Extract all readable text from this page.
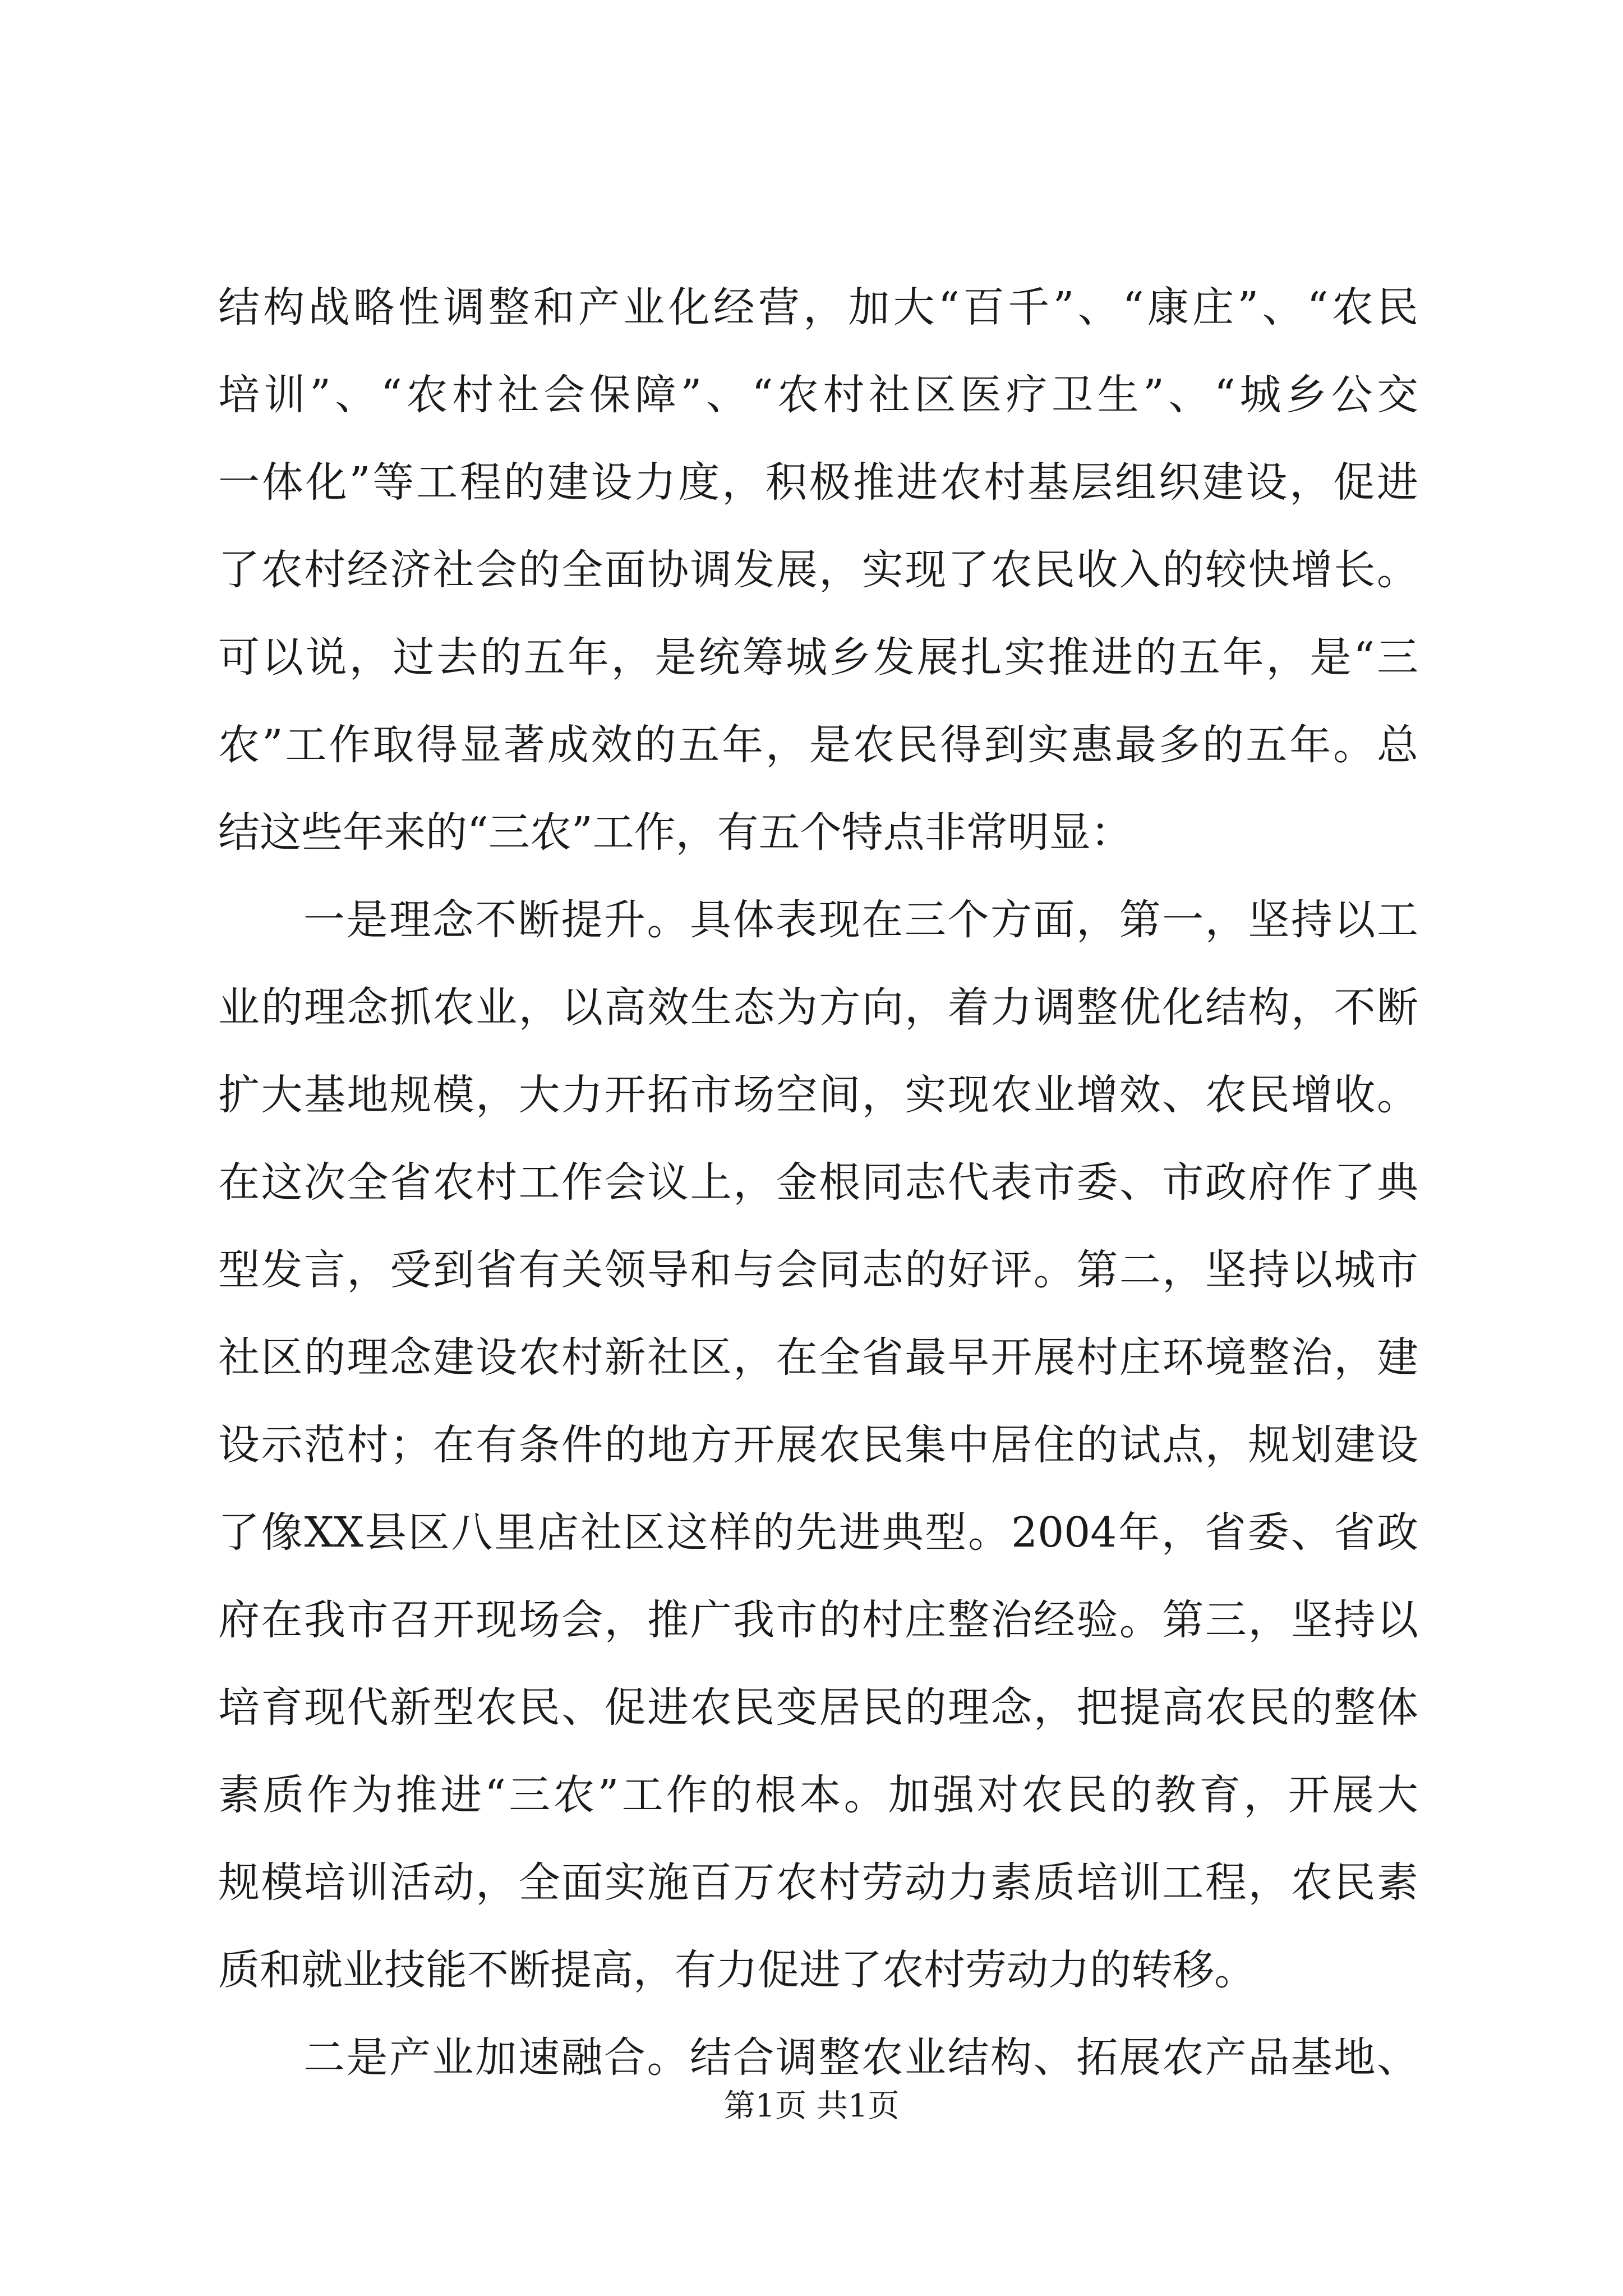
结构战略性调整和产业化经营，加大“百千”、“康庄”、“农民
培训”、“农村社会保障”、“农村社区医疗卫生”、“城乡公交
一体化”等工程的建设力度，积极推进农村基层组织建设，促进
了农村经济社会的全面协调发展，实现了农民收入的较快增长。
可以说，过去的五年，是统筹城乡发展扎实推进的五年，是“三
农”工作取得显著成效的五年，是农民得到实惠最多的五年。总
结这些年来的“三农”工作，有五个特点非常明显：
一是理念不断提升。具体表现在三个方面，第一，坚持以工
业的理念抓农业，以高效生态为方向，着力调整优化结构，不断
扩大基地规模，大力开拓市场空间，实现农业增效、农民增收。
在这次全省农村工作会议上，金根同志代表市委、市政府作了典
型发言，受到省有关领导和与会同志的好评。第二，坚持以城市
社区的理念建设农村新社区，在全省最早开展村庄环境整治，建
设示范村；在有条件的地方开展农民集中居住的试点，规划建设
了像XX县区八里店社区这样的先进典型。2004年，省委、省政
府在我市召开现场会，推广我市的村庄整治经验。第三，坚持以
培育现代新型农民、促进农民变居民的理念，把提高农民的整体
素质作为推进“三农”工作的根本。加强对农民的教育，开展大
规模培训活动，全面实施百万农村劳动力素质培训工程，农民素
质和就业技能不断提高，有力促进了农村劳动力的转移。
二是产业加速融合。结合调整农业结构、拓展农产品基地、
第1页 共1页
